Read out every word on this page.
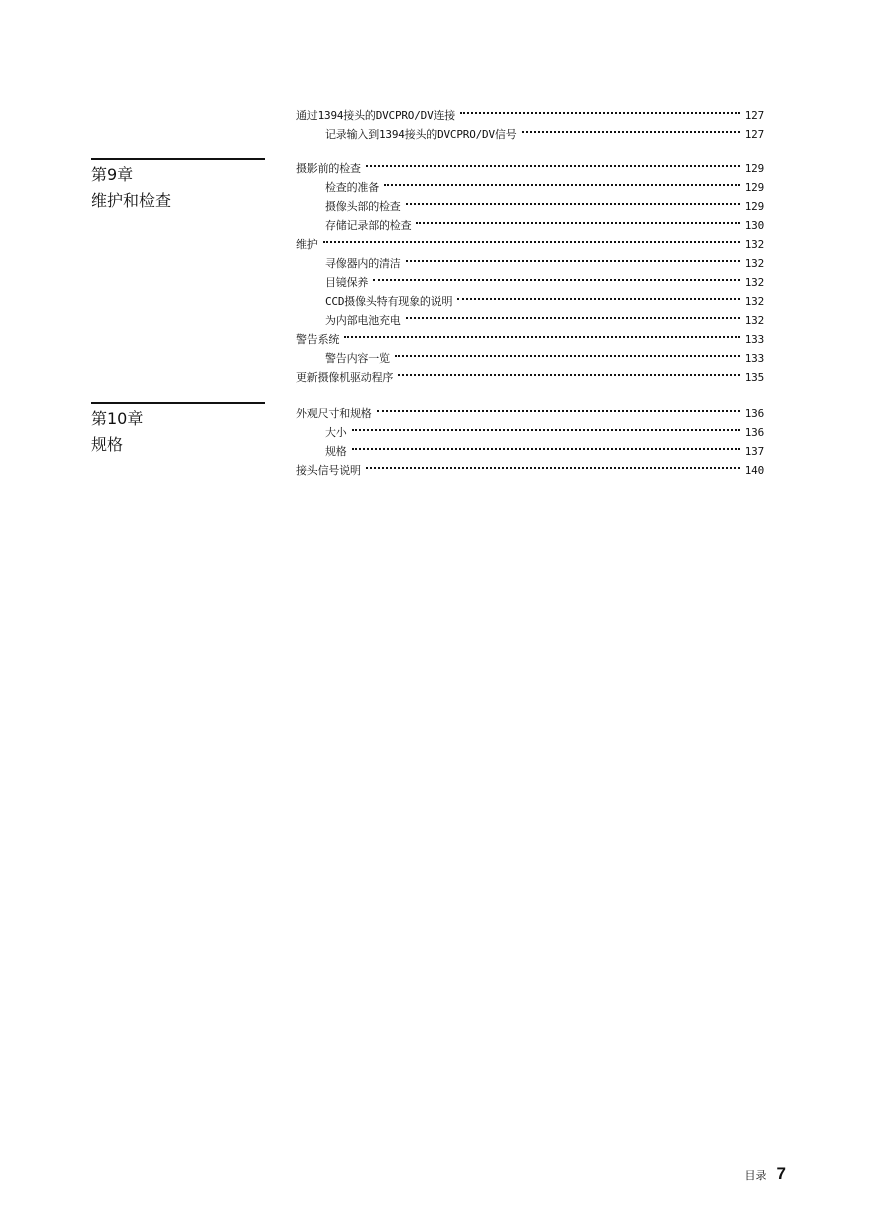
第9章
维护和检查
第10章
规格
通过1394接头的DVCPRO/DV连接	127
记录输入到1394接头的DVCPRO/DV信号	127
摄影前的检查	129
检查的准备	129
摄像头部的检查	129
存储记录部的检查	130
维护	132
寻像器内的清洁	132
目镜保养	132
CCD摄像头特有现象的说明	132
为内部电池充电	132
警告系统	133
警告内容一览	133
更新摄像机驱动程序	135
外观尺寸和规格	136
大小	136
规格	137
接头信号说明	140
目录 7
